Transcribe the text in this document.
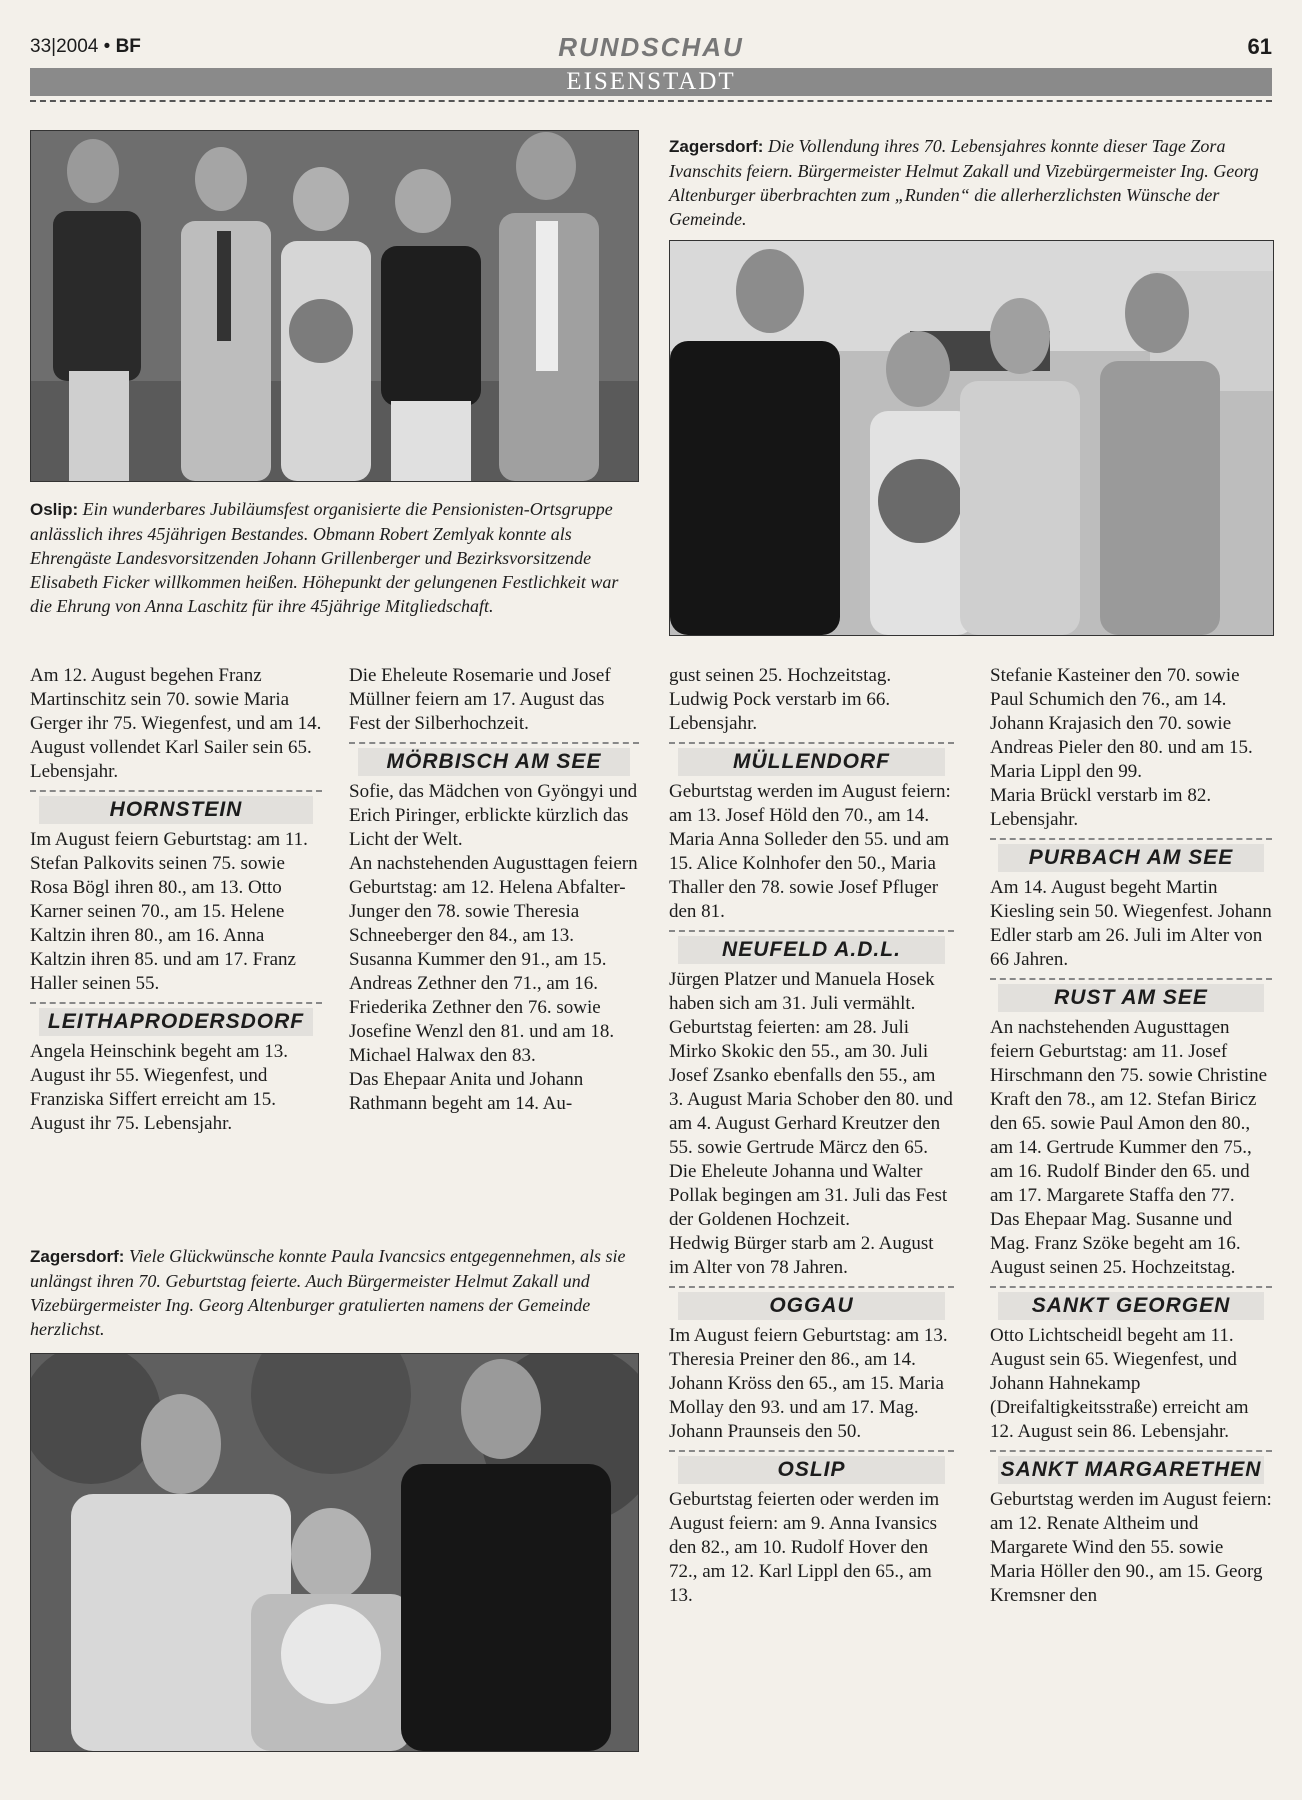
33|2004 • BF	RUNDSCHAU	61
EISENSTADT
Oslip: Ein wunderbares Jubiläumsfest organisierte die Pensionisten-Ortsgruppe anlässlich ihres 45jährigen Bestandes. Obmann Robert Zemlyak konnte als Ehrengäste Landesvorsitzenden Johann Grillenberger und Bezirksvorsitzende Elisabeth Ficker willkommen heißen. Höhepunkt der gelungenen Festlichkeit war die Ehrung von Anna Laschitz für ihre 45jährige Mitgliedschaft.
Zagersdorf: Die Vollendung ihres 70. Lebensjahres konnte dieser Tage Zora Ivanschits feiern. Bürgermeister Helmut Zakall und Vizebürgermeister Ing. Georg Altenburger überbrachten zum „Runden“ die allerherzlichsten Wünsche der Gemeinde.

Am 12. August begehen Franz Martinschitz sein 70. sowie Maria Gerger ihr 75. Wiegenfest, und am 14. August vollendet Karl Sailer sein 65. Lebensjahr.

HORNSTEIN

Im August feiern Geburtstag: am 11. Stefan Palkovits seinen 75. sowie Rosa Bögl ihren 80., am 13. Otto Karner seinen 70., am 15. Helene Kaltzin ihren 80., am 16. Anna Kaltzin ihren 85. und am 17. Franz Haller seinen 55.

LEITHAPRODERSDORF

Angela Heinschink begeht am 13. August ihr 55. Wiegenfest, und Franziska Siffert erreicht am 15. August ihr 75. Lebensjahr.

Die Eheleute Rosemarie und Josef Müllner feiern am 17. August das Fest der Silberhochzeit.

MÖRBISCH AM SEE

Sofie, das Mädchen von Gyöngyi und Erich Piringer, erblickte kürzlich das Licht der Welt.

An nachstehenden Augusttagen feiern Geburtstag: am 12. Helena Abfalter-Junger den 78. sowie Theresia Schneeberger den 84., am 13. Susanna Kummer den 91., am 15. Andreas Zethner den 71., am 16. Friederika Zethner den 76. sowie Josefine Wenzl den 81. und am 18. Michael Halwax den 83.

Das Ehepaar Anita und Johann Rathmann begeht am 14. Au-

Zagersdorf: Viele Glückwünsche konnte Paula Ivancsics entgegennehmen, als sie unlängst ihren 70. Geburtstag feierte. Auch Bürgermeister Helmut Zakall und Vizebürgermeister Ing. Georg Altenburger gratulierten namens der Gemeinde herzlichst.

gust seinen 25. Hochzeitstag. Ludwig Pock verstarb im 66. Lebensjahr.

MÜLLENDORF

Geburtstag werden im August feiern: am 13. Josef Höld den 70., am 14. Maria Anna Solleder den 55. und am 15. Alice Kolnhofer den 50., Maria Thaller den 78. sowie Josef Pfluger den 81.

NEUFELD A.D.L.

Jürgen Platzer und Manuela Hosek haben sich am 31. Juli vermählt.

Geburtstag feierten: am 28. Juli Mirko Skokic den 55., am 30. Juli Josef Zsanko ebenfalls den 55., am 3. August Maria Schober den 80. und am 4. August Gerhard Kreutzer den 55. sowie Gertrude Märcz den 65.

Die Eheleute Johanna und Walter Pollak begingen am 31. Juli das Fest der Goldenen Hochzeit.

Hedwig Bürger starb am 2. August im Alter von 78 Jahren.

OGGAU

Im August feiern Geburtstag: am 13. Theresia Preiner den 86., am 14. Johann Kröss den 65., am 15. Maria Mollay den 93. und am 17. Mag. Johann Praunseis den 50.

OSLIP

Geburtstag feierten oder werden im August feiern: am 9. Anna Ivansics den 82., am 10. Rudolf Hover den 72., am 12. Karl Lippl den 65., am 13.

Stefanie Kasteiner den 70. sowie Paul Schumich den 76., am 14. Johann Krajasich den 70. sowie Andreas Pieler den 80. und am 15. Maria Lippl den 99.

Maria Brückl verstarb im 82. Lebensjahr.

PURBACH AM SEE

Am 14. August begeht Martin Kiesling sein 50. Wiegenfest. Johann Edler starb am 26. Juli im Alter von 66 Jahren.

RUST AM SEE

An nachstehenden Augusttagen feiern Geburtstag: am 11. Josef Hirschmann den 75. sowie Christine Kraft den 78., am 12. Stefan Biricz den 65. sowie Paul Amon den 80., am 14. Gertrude Kummer den 75., am 16. Rudolf Binder den 65. und am 17. Margarete Staffa den 77.

Das Ehepaar Mag. Susanne und Mag. Franz Szöke begeht am 16. August seinen 25. Hochzeitstag.

SANKT GEORGEN

Otto Lichtscheidl begeht am 11. August sein 65. Wiegenfest, und Johann Hahnekamp (Dreifaltigkeitsstraße) erreicht am 12. August sein 86. Lebensjahr.

SANKT MARGARETHEN

Geburtstag werden im August feiern: am 12. Renate Altheim und Margarete Wind den 55. sowie Maria Höller den 90., am 15. Georg Kremsner den
